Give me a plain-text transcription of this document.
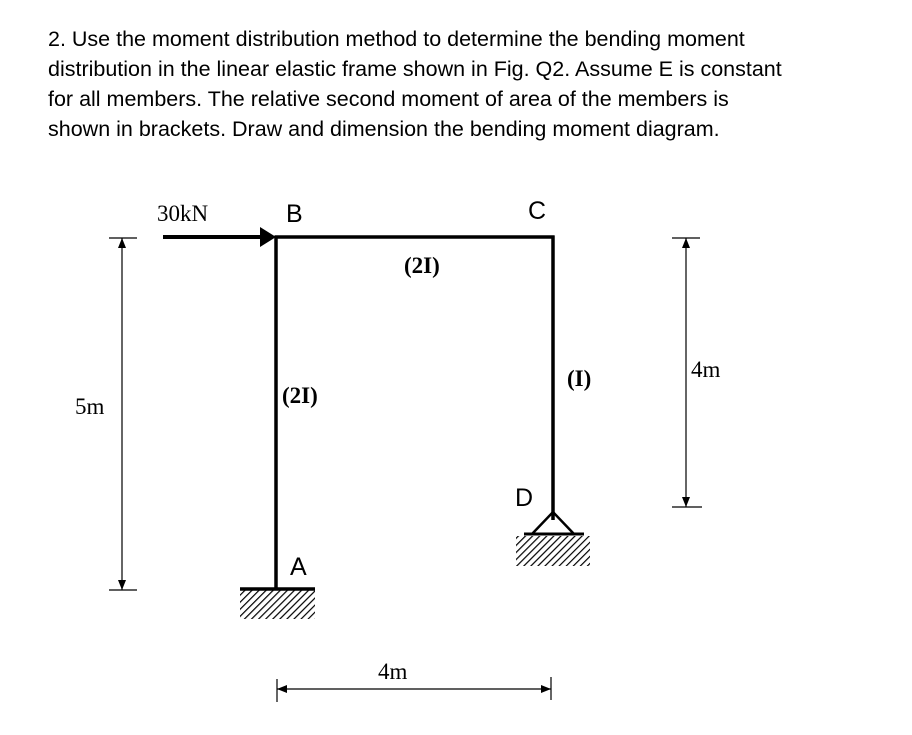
2. Use the moment distribution method to determine the bending moment
distribution in the linear elastic frame shown in Fig. Q2. Assume E is constant
for all members. The relative second moment of area of the members is
shown in brackets. Draw and dimension the bending moment diagram.
30kN	B	C
D
A
(2I)
(2I)
(I)
5m
4m
4m
